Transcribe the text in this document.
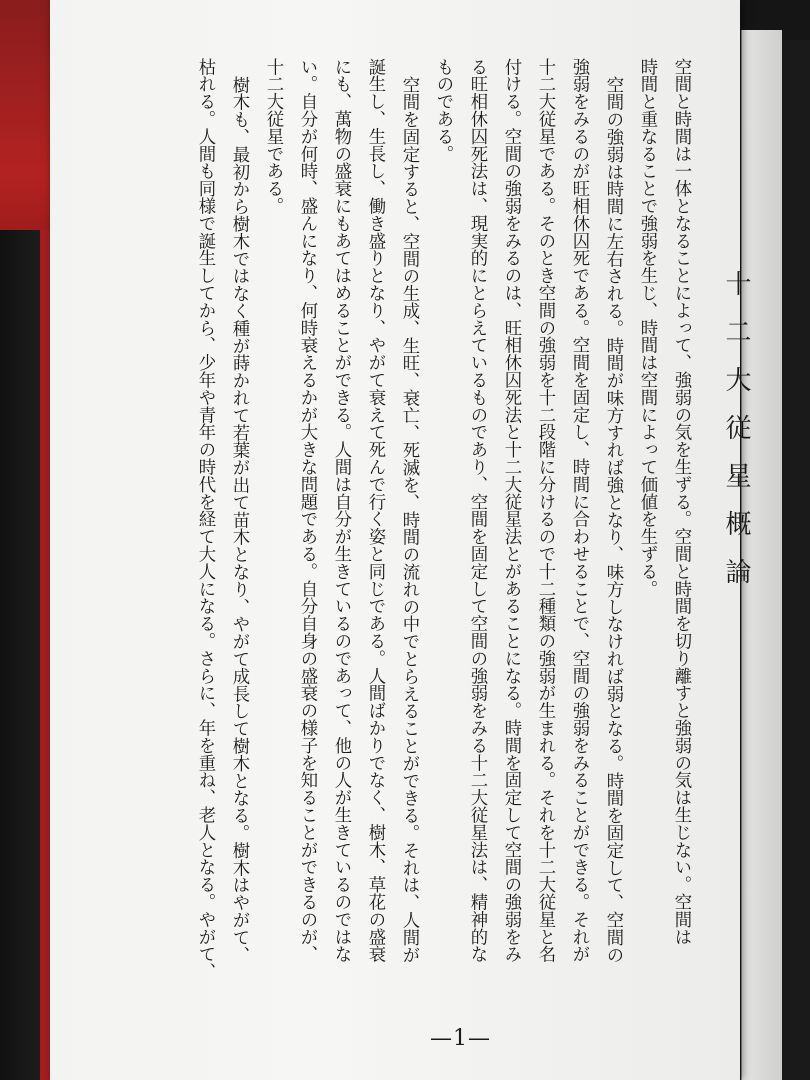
十二大従星概論
空間と時間は一体となることによって、強弱の気を生ずる。空間と時間を切り離すと強弱の気は生じない。空間は
時間と重なることで強弱を生じ、時間は空間によって価値を生ずる。
空間の強弱は時間に左右される。時間が味方すれば強となり、味方しなければ弱となる。時間を固定して、空間の
強弱をみるのが旺相休囚死である。空間を固定し、時間に合わせることで、空間の強弱をみることができる。それが
十二大従星である。そのとき空間の強弱を十二段階に分けるので十二種類の強弱が生まれる。それを十二大従星と名
付ける。空間の強弱をみるのは、旺相休囚死法と十二大従星法とがあることになる。時間を固定して空間の強弱をみ
る旺相休囚死法は、現実的にとらえているものであり、空間を固定して空間の強弱をみる十二大従星法は、精神的な
ものである。
空間を固定すると、空間の生成、生旺、衰亡、死滅を、時間の流れの中でとらえることができる。それは、人間が
誕生し、生長し、働き盛りとなり、やがて衰えて死んで行く姿と同じである。人間ばかりでなく、樹木、草花の盛衰
にも、萬物の盛衰にもあてはめることができる。人間は自分が生きているのであって、他の人が生きているのではな
い。自分が何時、盛んになり、何時衰えるかが大きな問題である。自分自身の盛衰の様子を知ることができるのが、
十二大従星である。
樹木も、最初から樹木ではなく種が蒔かれて若葉が出て苗木となり、やがて成長して樹木となる。樹木はやがて、
枯れる。人間も同様で誕生してから、少年や青年の時代を経て大人になる。さらに、年を重ね、老人となる。やがて、
—1—
